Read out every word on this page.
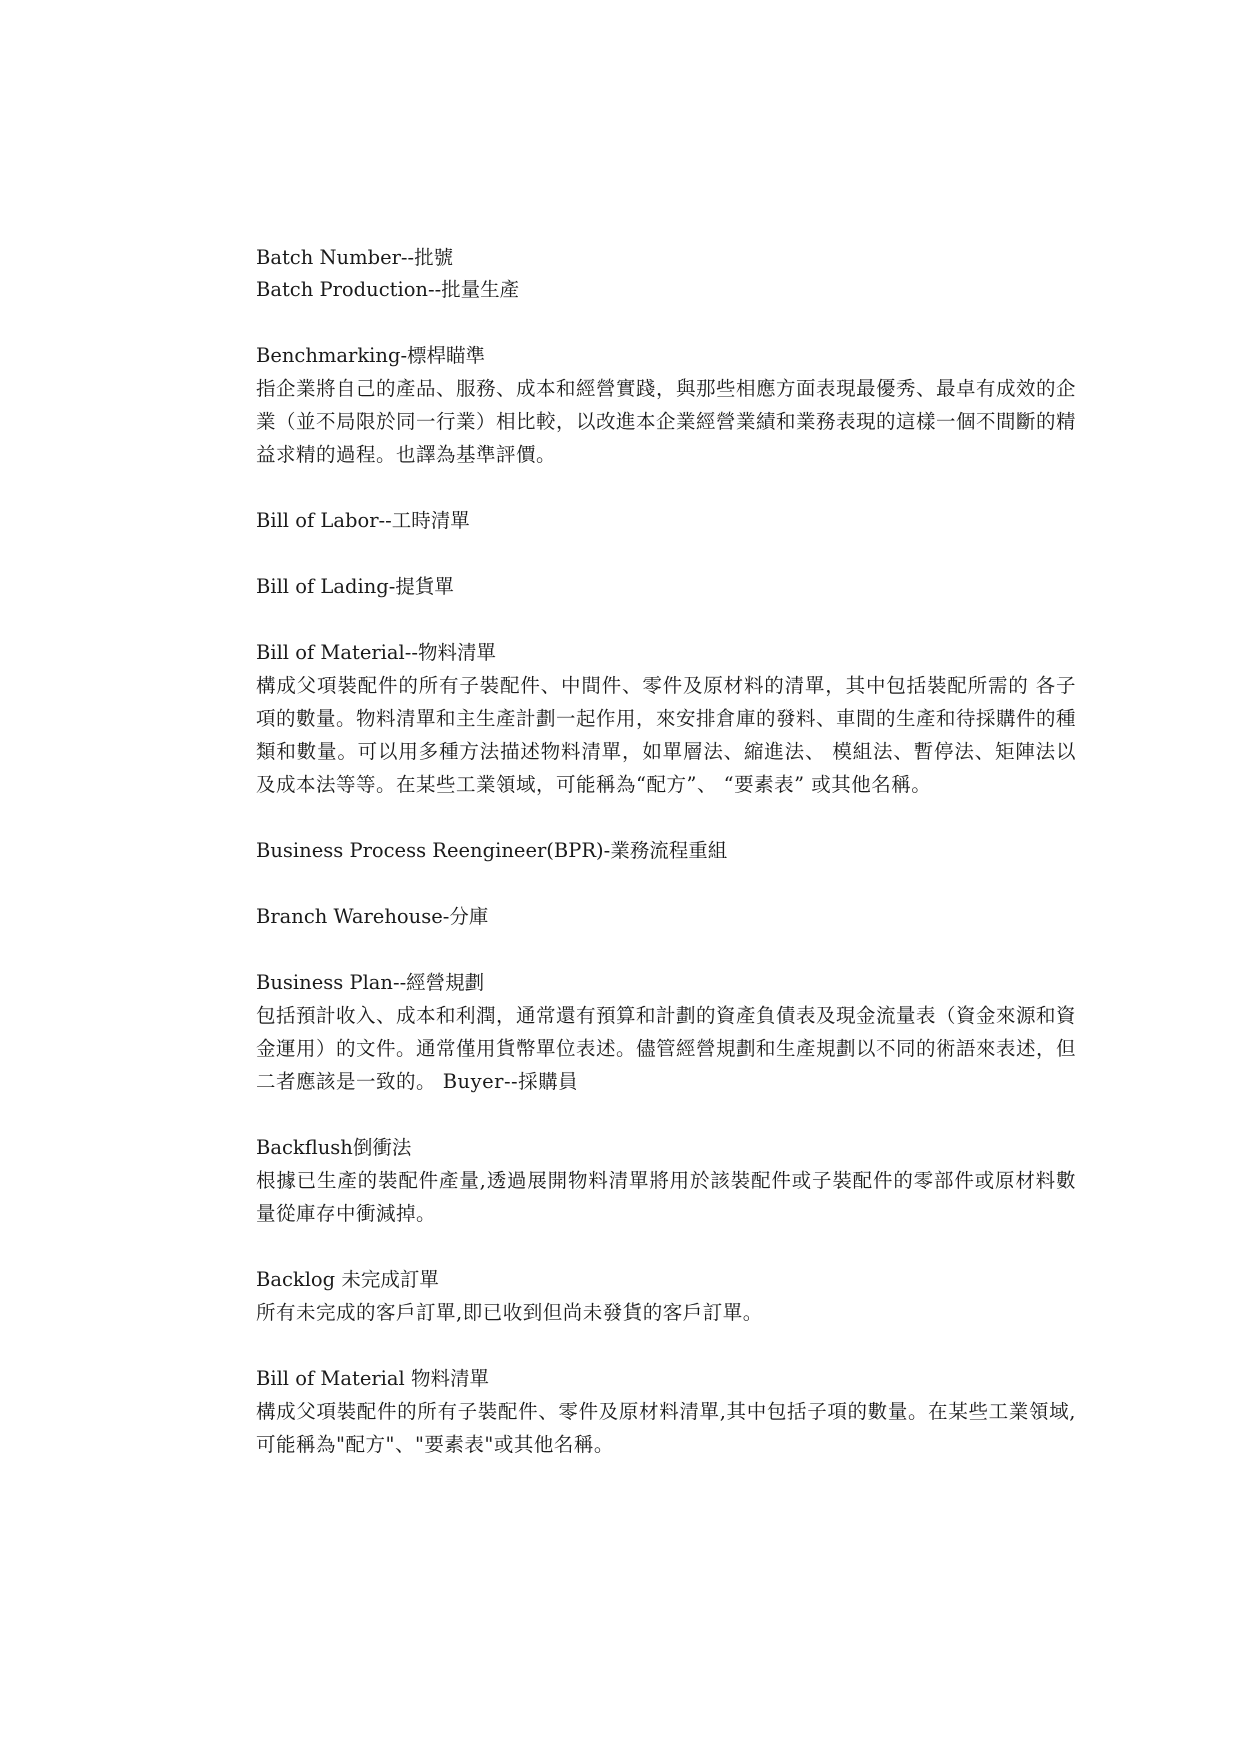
Batch Number--批號
Batch Production--批量生產
Benchmarking-標桿瞄準
指企業將自己的產品、服務、成本和經營實踐，與那些相應方面表現最優秀、最卓有成效的企業（並不局限於同一行業）相比較，以改進本企業經營業績和業務表現的這樣一個不間斷的精益求精的過程。也譯為基準評價。
Bill of Labor--工時清單
Bill of Lading-提貨單
Bill of Material--物料清單
構成父項裝配件的所有子裝配件、中間件、零件及原材料的清單，其中包括裝配所需的 各子項的數量。物料清單和主生產計劃一起作用，來安排倉庫的發料、車間的生產和待採購件的種類和數量。可以用多種方法描述物料清單，如單層法、縮進法、 模組法、暫停法、矩陣法以及成本法等等。在某些工業領域，可能稱為“配方”、 “要素表” 或其他名稱。
Business Process Reengineer(BPR)-業務流程重組
Branch Warehouse-分庫
Business Plan--經營規劃
包括預計收入、成本和利潤，通常還有預算和計劃的資產負債表及現金流量表（資金來源和資金運用）的文件。通常僅用貨幣單位表述。儘管經營規劃和生產規劃以不同的術語來表述，但二者應該是一致的。 Buyer--採購員
Backflush倒衝法
根據已生產的裝配件產量,透過展開物料清單將用於該裝配件或子裝配件的零部件或原材料數量從庫存中衝減掉。
Backlog 未完成訂單
所有未完成的客戶訂單,即已收到但尚未發貨的客戶訂單。
Bill of Material 物料清單
構成父項裝配件的所有子裝配件、零件及原材料清單,其中包括子項的數量。在某些工業領域,可能稱為"配方"、"要素表"或其他名稱。
